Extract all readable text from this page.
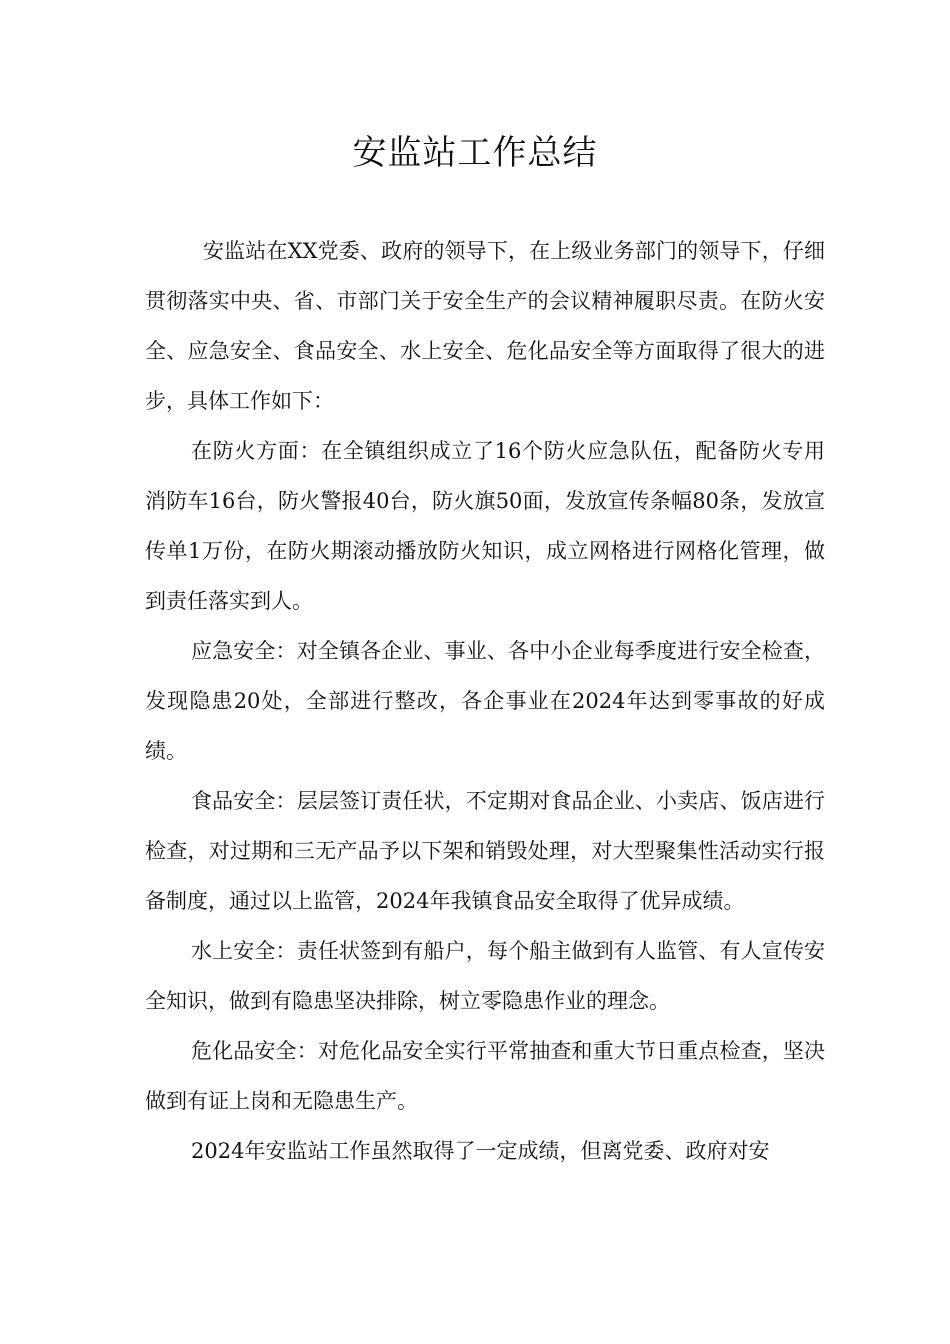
安监站工作总结

安监站在XX党委、政府的领导下，在上级业务部门的领导下，仔细贯彻落实中央、省、市部门关于安全生产的会议精神履职尽责。在防火安全、应急安全、食品安全、水上安全、危化品安全等方面取得了很大的进步，具体工作如下：

在防火方面：在全镇组织成立了16个防火应急队伍，配备防火专用消防车16台，防火警报40台，防火旗50面，发放宣传条幅80条，发放宣传单1万份，在防火期滚动播放防火知识，成立网格进行网格化管理，做到责任落实到人。

应急安全：对全镇各企业、事业、各中小企业每季度进行安全检查，发现隐患20处，全部进行整改，各企事业在2024年达到零事故的好成绩。

食品安全：层层签订责任状，不定期对食品企业、小卖店、饭店进行检查，对过期和三无产品予以下架和销毁处理，对大型聚集性活动实行报备制度，通过以上监管，2024年我镇食品安全取得了优异成绩。

水上安全：责任状签到有船户，每个船主做到有人监管、有人宣传安全知识，做到有隐患坚决排除，树立零隐患作业的理念。

危化品安全：对危化品安全实行平常抽查和重大节日重点检查，坚决做到有证上岗和无隐患生产。

2024年安监站工作虽然取得了一定成绩，但离党委、政府对安
